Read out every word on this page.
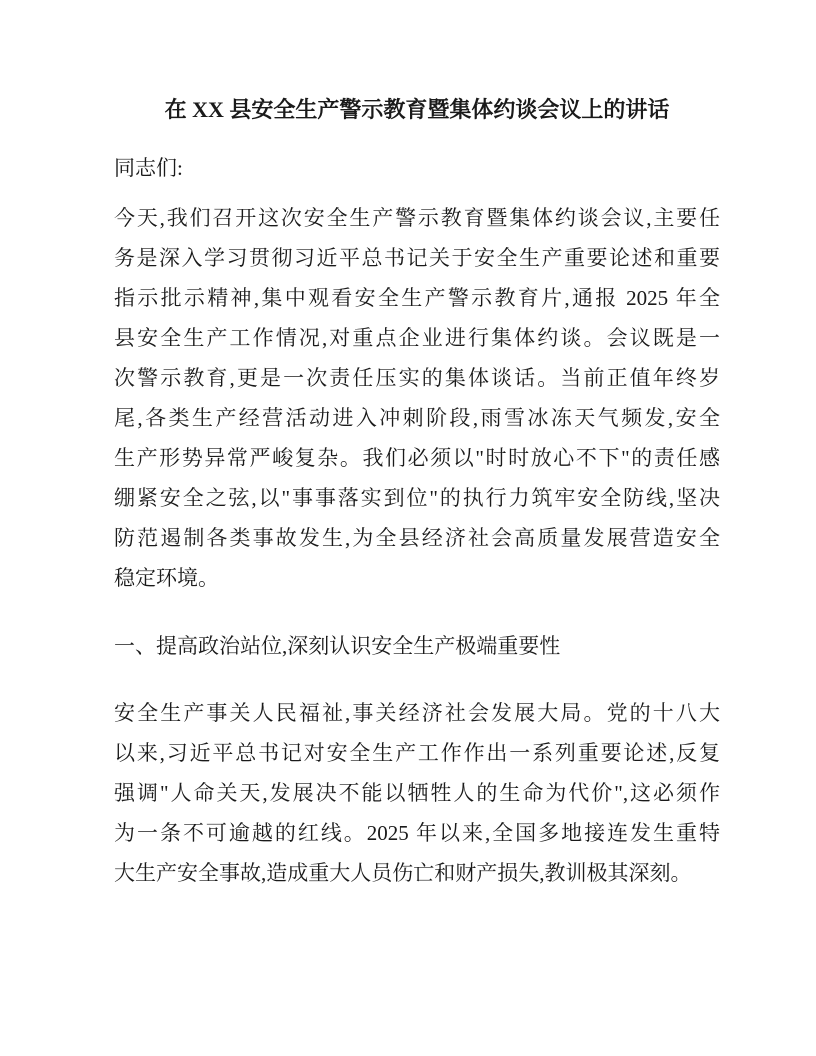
在 XX 县安全生产警示教育暨集体约谈会议上的讲话
同志们:
今天,我们召开这次安全生产警示教育暨集体约谈会议,主要任
务是深入学习贯彻习近平总书记关于安全生产重要论述和重要
指示批示精神,集中观看安全生产警示教育片,通报 2025 年全
县安全生产工作情况,对重点企业进行集体约谈。会议既是一
次警示教育,更是一次责任压实的集体谈话。当前正值年终岁
尾,各类生产经营活动进入冲刺阶段,雨雪冰冻天气频发,安全
生产形势异常严峻复杂。我们必须以"时时放心不下"的责任感
绷紧安全之弦,以"事事落实到位"的执行力筑牢安全防线,坚决
防范遏制各类事故发生,为全县经济社会高质量发展营造安全
稳定环境。
一、提高政治站位,深刻认识安全生产极端重要性
安全生产事关人民福祉,事关经济社会发展大局。党的十八大
以来,习近平总书记对安全生产工作作出一系列重要论述,反复
强调"人命关天,发展决不能以牺牲人的生命为代价",这必须作
为一条不可逾越的红线。2025 年以来,全国多地接连发生重特
大生产安全事故,造成重大人员伤亡和财产损失,教训极其深刻。
